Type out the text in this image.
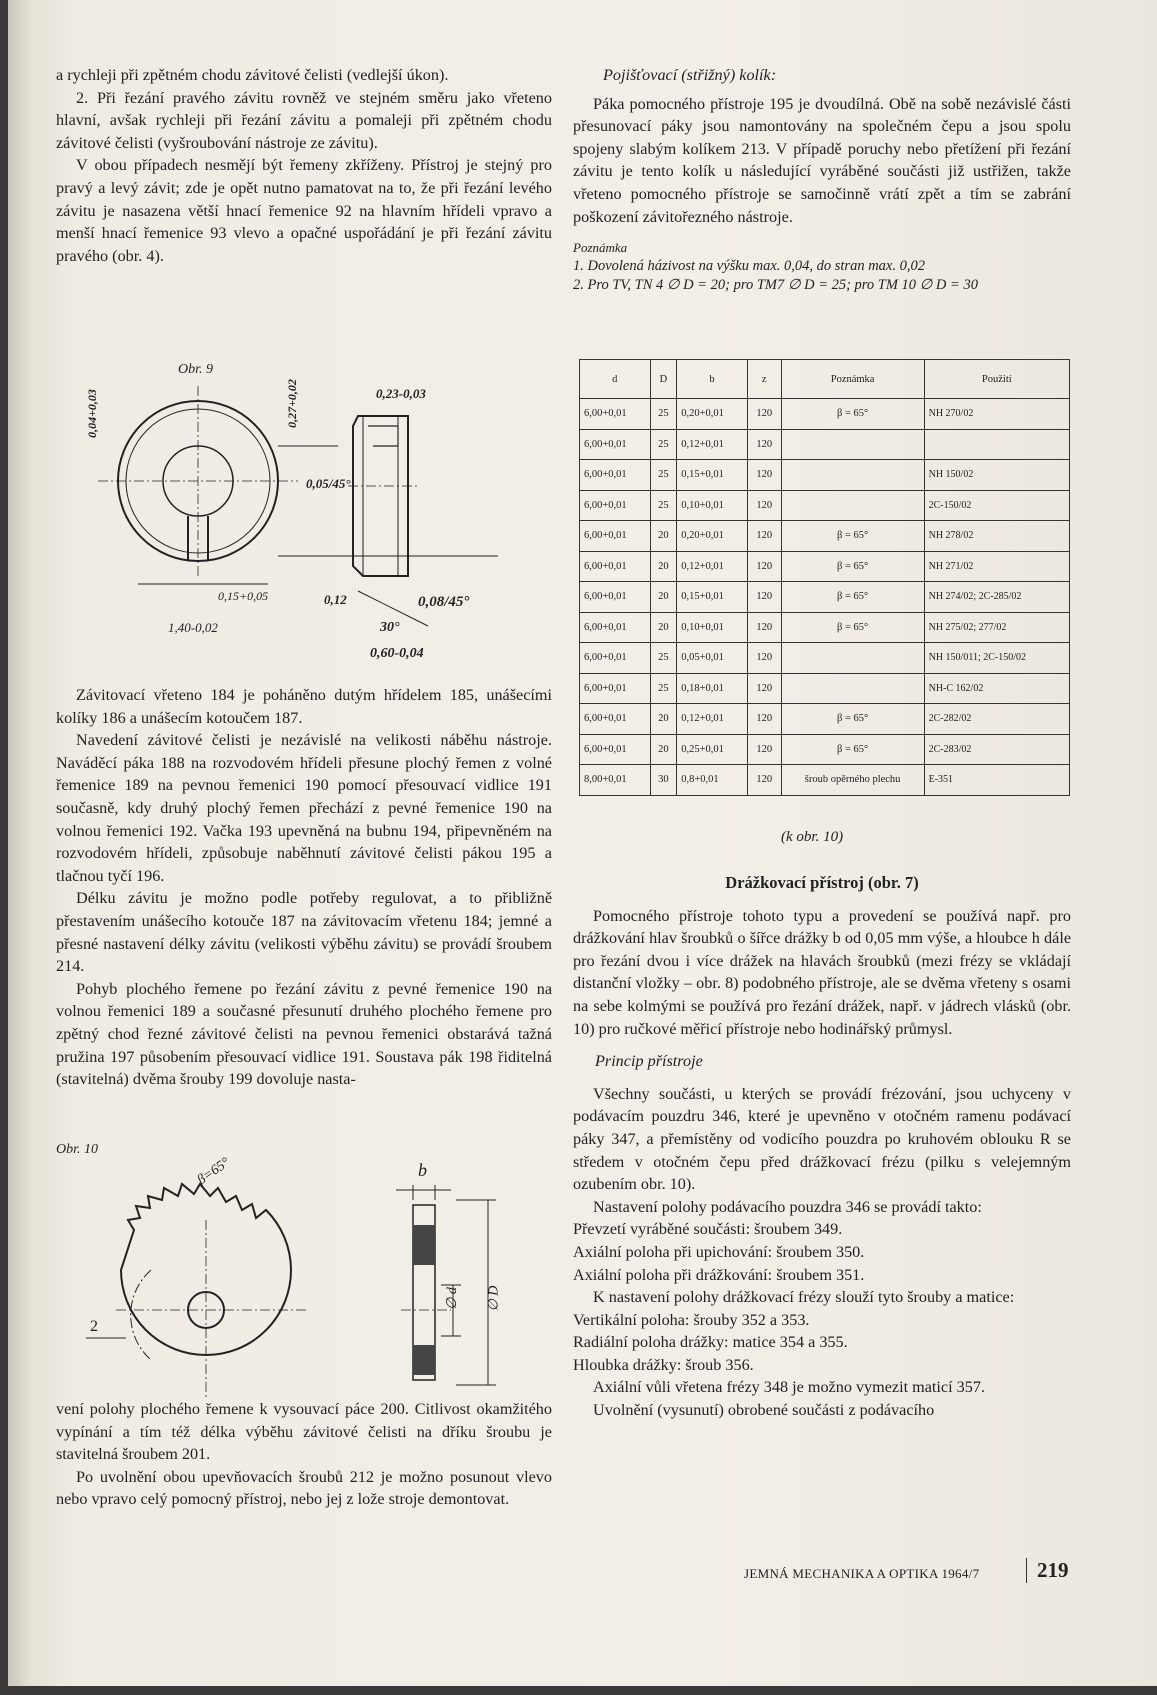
a rychleji při zpětném chodu závitové čelisti (vedlejší úkon).

2. Při řezání pravého závitu rovněž ve stejném směru jako vřeteno hlavní, avšak rychleji při řezání závitu a pomaleji při zpětném chodu závitové čelisti (vyšroubování nástroje ze závitu).

V obou případech nesmějí být řemeny zkříženy. Přístroj je stejný pro pravý a levý závit; zde je opět nutno pamatovat na to, že při řezání levého závitu je nasazena větší hnací řemenice 92 na hlavním hřídeli vpravo a menší hnací řemenice 93 vlevo a opačné uspořádání je při řezání závitu pravého (obr. 4).

Obr. 9
0,27+0,02	0,23-0,03
0,04+0,03
0,05/45°
0,15+0,05	0,12	0,08/45°
1,40-0,02	30°
0,60-0,04

Závitovací vřeteno 184 je poháněno dutým hřídelem 185, unášecími kolíky 186 a unášecím kotoučem 187.

Navedení závitové čelisti je nezávislé na velikosti náběhu nástroje. Naváděcí páka 188 na rozvodovém hřídeli přesune plochý řemen z volné řemenice 189 na pevnou řemenici 190 pomocí přesouvací vidlice 191 současně, kdy druhý plochý řemen přechází z pevné řemenice 190 na volnou řemenici 192. Vačka 193 upevněná na bubnu 194, připevněném na rozvodovém hřídeli, způsobuje naběhnutí závitové čelisti pákou 195 a tlačnou tyčí 196.

Délku závitu je možno podle potřeby regulovat, a to přibližně přestavením unášecího kotouče 187 na závitovacím vřetenu 184; jemné a přesné nastavení délky závitu (velikosti výběhu závitu) se provádí šroubem 214.

Pohyb plochého řemene po řezání závitu z pevné řemenice 190 na volnou řemenici 189 a současné přesunutí druhého plochého řemene pro zpětný chod řezné závitové čelisti na pevnou řemenici obstarává tažná pružina 197 působením přesouvací vidlice 191. Soustava pák 198 řiditelná (stavitelná) dvěma šrouby 199 dovoluje nasta-

Obr. 10
β=65°	b
∅ d ∅ D
2

vení polohy plochého řemene k vysouvací páce 200. Citlivost okamžitého vypínání a tím též délka výběhu závitové čelisti na dříku šroubu je stavitelná šroubem 201.

Po uvolnění obou upevňovacích šroubů 212 je možno posunout vlevo nebo vpravo celý pomocný přístroj, nebo jej z lože stroje demontovat.

Pojišťovací (střižný) kolík:

Páka pomocného přístroje 195 je dvoudílná. Obě na sobě nezávislé části přesunovací páky jsou namontovány na společném čepu a jsou spolu spojeny slabým kolíkem 213. V případě poruchy nebo přetížení při řezání závitu je tento kolík u následující vyráběné součásti již ustřižen, takže vřeteno pomocného přístroje se samočinně vrátí zpět a tím se zabrání poškození závitořezného nástroje.

Poznámka

1. Dovolená házivost na výšku max. 0,04, do stran max. 0,02

2. Pro TV, TN 4 ∅ D = 20; pro TM7 ∅ D = 25; pro TM 10 ∅ D = 30

d	D	b	z	Poznámka	Použití
6,00+0,01	25	0,20+0,01	120	β = 65°	NH 270/02
6,00+0,01	25	0,12+0,01	120		
6,00+0,01	25	0,15+0,01	120		NH 150/02
6,00+0,01	25	0,10+0,01	120		2C-150/02
6,00+0,01	20	0,20+0,01	120	β = 65°	NH 278/02
6,00+0,01	20	0,12+0,01	120	β = 65°	NH 271/02
6,00+0,01	20	0,15+0,01	120	β = 65°	NH 274/02; 2C-285/02
6,00+0,01	20	0,10+0,01	120	β = 65°	NH 275/02; 277/02
6,00+0,01	25	0,05+0,01	120		NH 150/011; 2C-150/02
6,00+0,01	25	0,18+0,01	120		NH-C 162/02
6,00+0,01	20	0,12+0,01	120	β = 65°	2C-282/02
6,00+0,01	20	0,25+0,01	120	β = 65°	2C-283/02
8,00+0,01	30	0,8+0,01	120	šroub opěrného plechu	E-351
(k obr. 10)

Drážkovací přístroj (obr. 7)

Pomocného přístroje tohoto typu a provedení se používá např. pro drážkování hlav šroubků o šířce drážky b od 0,05 mm výše, a hloubce h dále pro řezání dvou i více drážek na hlavách šroubků (mezi frézy se vkládají distanční vložky – obr. 8) podobného přístroje, ale se dvěma vřeteny s osami na sebe kolmými se používá pro řezání drážek, např. v jádrech vlásků (obr. 10) pro ručkové měřicí přístroje nebo hodinářský průmysl.

Princip přístroje

Všechny součásti, u kterých se provádí frézování, jsou uchyceny v podávacím pouzdru 346, které je upevněno v otočném ramenu podávací páky 347, a přemístěny od vodicího pouzdra po kruhovém oblouku R se středem v otočném čepu před drážkovací frézu (pilku s velejemným ozubením obr. 10).

Nastavení polohy podávacího pouzdra 346 se provádí takto:

Převzetí vyráběné součásti: šroubem 349.

Axiální poloha při upichování: šroubem 350.

Axiální poloha při drážkování: šroubem 351.

K nastavení polohy drážkovací frézy slouží tyto šrouby a matice:

Vertikální poloha: šrouby 352 a 353.

Radiální poloha drážky: matice 354 a 355.

Hloubka drážky: šroub 356.

Axiální vůli vřetena frézy 348 je možno vymezit maticí 357.

Uvolnění (vysunutí) obrobené součásti z podávacího

JEMNÁ MECHANIKA A OPTIKA 1964/7	219
